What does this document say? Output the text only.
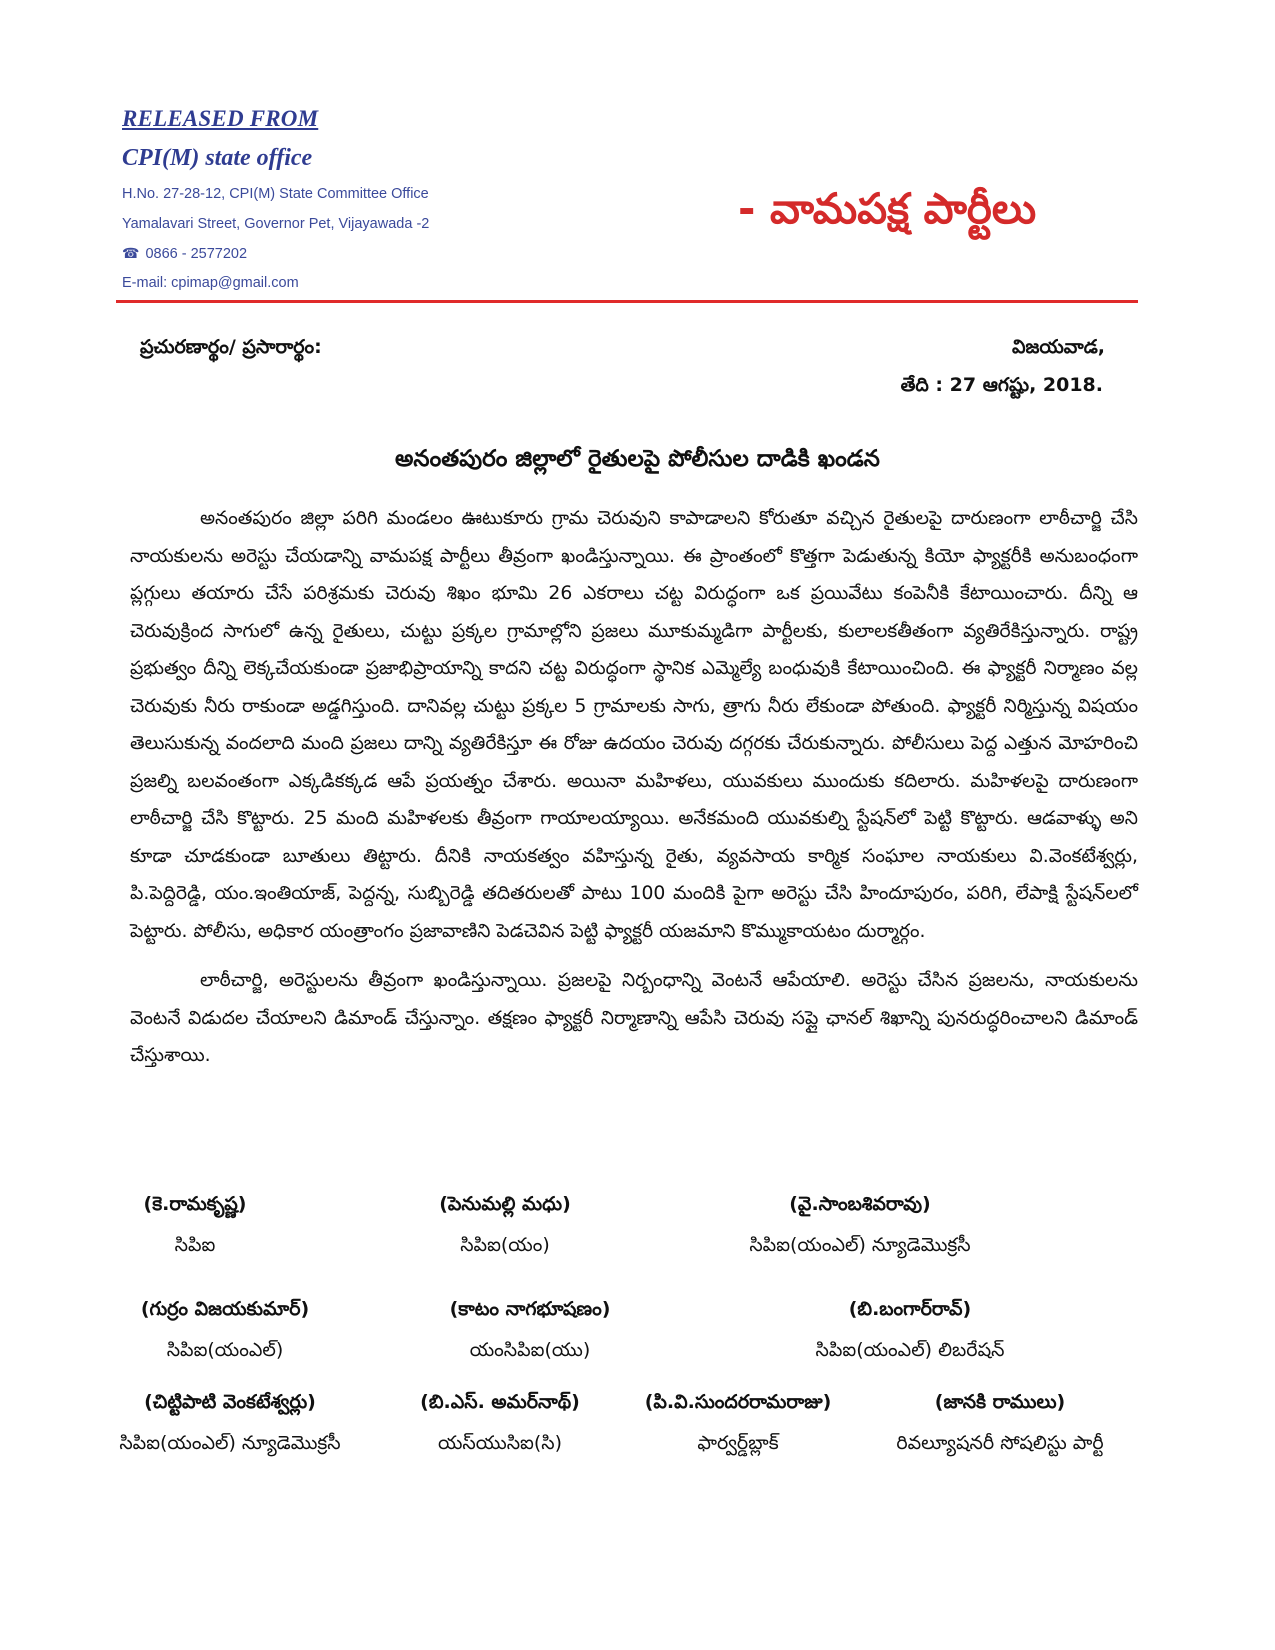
RELEASED FROM
CPI(M) state office
H.No. 27-28-12, CPI(M) State Committee Office
Yamalavari Street, Governor Pet, Vijayawada -2
☎ 0866 - 2577202
E-mail: cpimap@gmail.com
- వామపక్ష పార్టీలు
ప్రచురణార్థం/ ప్రసారార్థం:	విజయవాడ,
తేది : 27 ఆగష్టు, 2018.
అనంతపురం జిల్లాలో రైతులపై పోలీసుల దాడికి ఖండన

అనంతపురం జిల్లా పరిగి మండలం ఊటుకూరు గ్రామ చెరువుని కాపాడాలని కోరుతూ వచ్చిన రైతులపై దారుణంగా లాఠీచార్జి చేసి నాయకులను అరెస్టు చేయడాన్ని వామపక్ష పార్టీలు తీవ్రంగా ఖండిస్తున్నాయి. ఈ ప్రాంతంలో కొత్తగా పెడుతున్న కియో ఫ్యాక్టరీకి అనుబంధంగా ప్లగ్గులు తయారు చేసే పరిశ్రమకు చెరువు శిఖం భూమి 26 ఎకరాలు చట్ట విరుద్ధంగా ఒక ప్రయివేటు కంపెనీకి కేటాయించారు. దీన్ని ఆ చెరువుక్రింద సాగులో ఉన్న రైతులు, చుట్టు ప్రక్కల గ్రామాల్లోని ప్రజలు మూకుమ్మడిగా పార్టీలకు, కులాలకతీతంగా వ్యతిరేకిస్తున్నారు. రాష్ట్ర ప్రభుత్వం దీన్ని లెక్కచేయకుండా ప్రజాభిప్రాయాన్ని కాదని చట్ట విరుద్ధంగా స్థానిక ఎమ్మెల్యే బంధువుకి కేటాయించింది. ఈ ఫ్యాక్టరీ నిర్మాణం వల్ల చెరువుకు నీరు రాకుండా అడ్డగిస్తుంది. దానివల్ల చుట్టు ప్రక్కల 5 గ్రామాలకు సాగు, త్రాగు నీరు లేకుండా పోతుంది. ఫ్యాక్టరీ నిర్మిస్తున్న విషయం తెలుసుకున్న వందలాది మంది ప్రజలు దాన్ని వ్యతిరేకిస్తూ ఈ రోజు ఉదయం చెరువు దగ్గరకు చేరుకున్నారు. పోలీసులు పెద్ద ఎత్తున మోహరించి ప్రజల్ని బలవంతంగా ఎక్కడికక్కడ ఆపే ప్రయత్నం చేశారు. అయినా మహిళలు, యువకులు ముందుకు కదిలారు. మహిళలపై దారుణంగా లాఠీచార్జి చేసి కొట్టారు. 25 మంది మహిళలకు తీవ్రంగా గాయాలయ్యాయి. అనేకమంది యువకుల్ని స్టేషన్‌లో పెట్టి కొట్టారు. ఆడవాళ్ళు అని కూడా చూడకుండా బూతులు తిట్టారు. దీనికి నాయకత్వం వహిస్తున్న రైతు, వ్యవసాయ కార్మిక సంఘాల నాయకులు వి.వెంకటేశ్వర్లు, పి.పెద్దిరెడ్డి, యం.ఇంతియాజ్, పెద్దన్న, సుబ్బిరెడ్డి తదితరులతో పాటు 100 మందికి పైగా అరెస్టు చేసి హిందూపురం, పరిగి, లేపాక్షి స్టేషన్‌లలో పెట్టారు. పోలీసు, అధికార యంత్రాంగం ప్రజావాణిని పెడచెవిన పెట్టి ఫ్యాక్టరీ యజమాని కొమ్ముకాయటం దుర్మార్గం.

లాఠీచార్జి, అరెస్టులను తీవ్రంగా ఖండిస్తున్నాయి. ప్రజలపై నిర్బంధాన్ని వెంటనే ఆపేయాలి. అరెస్టు చేసిన ప్రజలను, నాయకులను వెంటనే విడుదల చేయాలని డిమాండ్ చేస్తున్నాం. తక్షణం ఫ్యాక్టరీ నిర్మాణాన్ని ఆపేసి చెరువు సప్లై ఛానల్ శిఖాన్ని పునరుద్ధరించాలని డిమాండ్ చేస్తుశాయి.

(కె.రామకృష్ణ)
సిపిఐ
(పెనుమల్లి మధు)
సిపిఐ(యం)
(వై.సాంబశివరావు)
సిపిఐ(యంఎల్) న్యూడెమొక్రసీ
(గుర్రం విజయకుమార్)
సిపిఐ(యంఎల్)
(కాటం నాగభూషణం)
యంసిపిఐ(యు)
(బి.బంగార్‌రావ్)
సిపిఐ(యంఎల్) లిబరేషన్
(చిట్టిపాటి వెంకటేశ్వర్లు)
సిపిఐ(యంఎల్) న్యూడెమొక్రసీ
(బి.ఎస్. అమర్‌నాథ్)
యస్‌యుసిఐ(సి)
(పి.వి.సుందరరామరాజు)
ఫార్వర్డ్‌బ్లాక్
(జానకి రాములు)
రివల్యూషనరీ సోషలిస్టు పార్టీ
